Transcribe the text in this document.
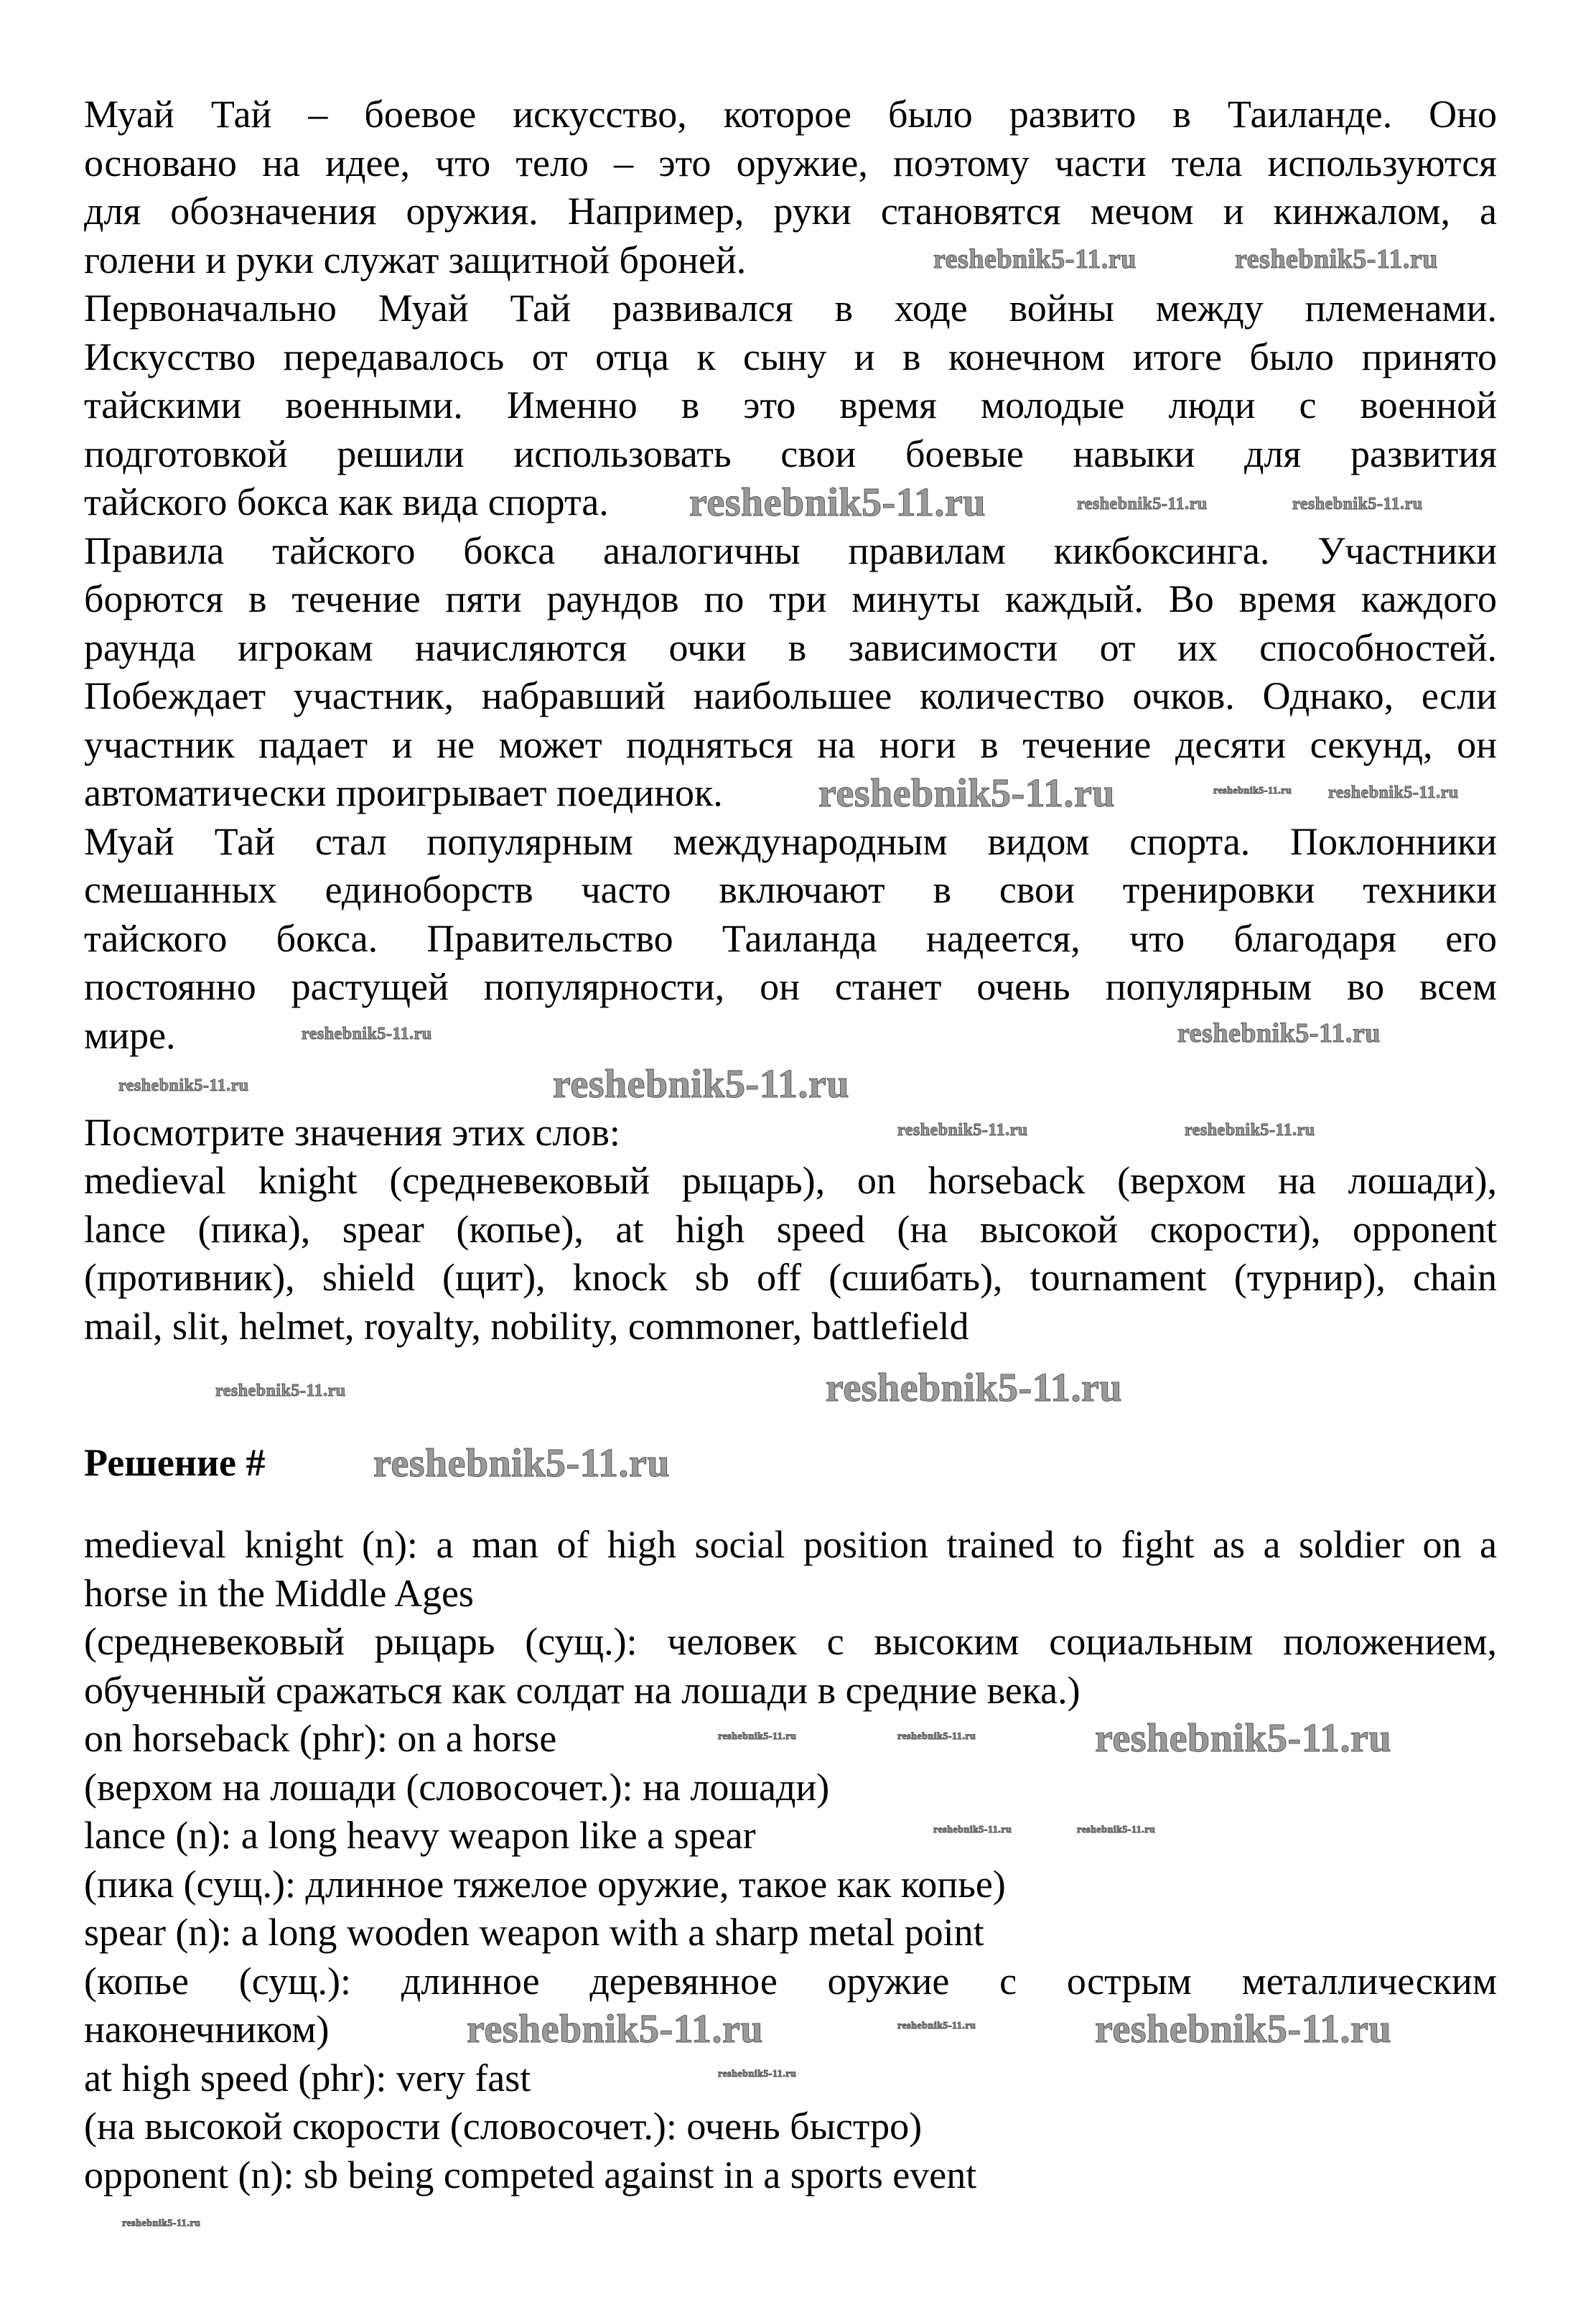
Муай Тай – боевое искусство, которое было развито в Таиланде. Оно
основано на идее, что тело – это оружие, поэтому части тела используются
для обозначения оружия. Например, руки становятся мечом и кинжалом, а
голени и руки служат защитной броней.
Первоначально Муай Тай развивался в ходе войны между племенами.
Искусство передавалось от отца к сыну и в конечном итоге было принято
тайскими военными. Именно в это время молодые люди с военной
подготовкой решили использовать свои боевые навыки для развития
тайского бокса как вида спорта.
Правила тайского бокса аналогичны правилам кикбоксинга. Участники
борются в течение пяти раундов по три минуты каждый. Во время каждого
раунда игрокам начисляются очки в зависимости от их способностей.
Побеждает участник, набравший наибольшее количество очков. Однако, если
участник падает и не может подняться на ноги в течение десяти секунд, он
автоматически проигрывает поединок.
Муай Тай стал популярным международным видом спорта. Поклонники
смешанных единоборств часто включают в свои тренировки техники
тайского бокса. Правительство Таиланда надеется, что благодаря его
постоянно растущей популярности, он станет очень популярным во всем
мире.
Посмотрите значения этих слов:
medieval knight (средневековый рыцарь), on horseback (верхом на лошади),
lance (пика), spear (копье), at high speed (на высокой скорости), opponent
(противник), shield (щит), knock sb off (сшибать), tournament (турнир), chain
mail, slit, helmet, royalty, nobility, commoner, battlefield
Решение #
medieval knight (n): a man of high social position trained to fight as a soldier on a
horse in the Middle Ages
(средневековый рыцарь (сущ.): человек с высоким социальным положением,
обученный сражаться как солдат на лошади в средние века.)
on horseback (phr): on a horse
(верхом на лошади (словосочет.): на лошади)
lance (n): a long heavy weapon like a spear
(пика (сущ.): длинное тяжелое оружие, такое как копье)
spear (n): a long wooden weapon with a sharp metal point
(копье (сущ.): длинное деревянное оружие с острым металлическим
наконечником)
at high speed (phr): very fast
(на высокой скорости (словосочет.): очень быстро)
opponent (n): sb being competed against in a sports event
reshebnik5-11.ru	reshebnik5-11.ru
reshebnik5-11.ru	reshebnik5-11.ru	reshebnik5-11.ru
reshebnik5-11.ru	reshebnik5-11.ru reshebnik5-11.ru
reshebnik5-11.ru
reshebnik5-11.ru
reshebnik5-11.ru
reshebnik5-11.ru
reshebnik5-11.ru	reshebnik5-11.ru
reshebnik5-11.ru
reshebnik5-11.ru
reshebnik5-11.ru
reshebnik5-11.ru
reshebnik5-11.ru	reshebnik5-11.ru
reshebnik5-11.ru	reshebnik5-11.ru
reshebnik5-11.ru	reshebnik5-11.ru
reshebnik5-11.ru
reshebnik5-11.ru
reshebnik5-11.ru
